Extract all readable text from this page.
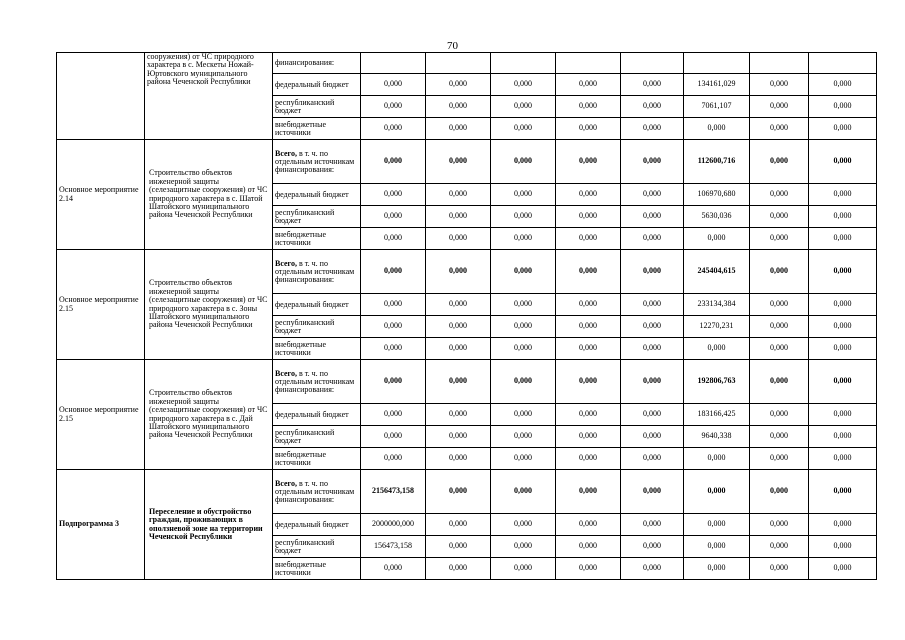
70
	сооружения) от ЧС природного характера в с. Мескеты Ножай-Юртовского муниципального района Чеченской Республики	финансирования:								
		федеральный бюджет	0,000	0,000	0,000	0,000	0,000	134161,029	0,000	0,000
		республиканский бюджет	0,000	0,000	0,000	0,000	0,000	7061,107	0,000	0,000
		внебюджетные источники	0,000	0,000	0,000	0,000	0,000	0,000	0,000	0,000
Основное мероприятие 2.14	Строительство объектов инженерной защиты (селезащитные сооружения) от ЧС природного характера в с. Шатой Шатойского муниципального района Чеченской Республики	Всего, в т. ч. по отдельным источникам финансирования:	0,000	0,000	0,000	0,000	0,000	112600,716	0,000	0,000
		федеральный бюджет	0,000	0,000	0,000	0,000	0,000	106970,680	0,000	0,000
		республиканский бюджет	0,000	0,000	0,000	0,000	0,000	5630,036	0,000	0,000
		внебюджетные источники	0,000	0,000	0,000	0,000	0,000	0,000	0,000	0,000
Основное мероприятие 2.15	Строительство объектов инженерной защиты (селезащитные сооружения) от ЧС природного характера в с. Зоны Шатойского муниципального района Чеченской Республики	Всего, в т. ч. по отдельным источникам финансирования:	0,000	0,000	0,000	0,000	0,000	245404,615	0,000	0,000
		федеральный бюджет	0,000	0,000	0,000	0,000	0,000	233134,384	0,000	0,000
		республиканский бюджет	0,000	0,000	0,000	0,000	0,000	12270,231	0,000	0,000
		внебюджетные источники	0,000	0,000	0,000	0,000	0,000	0,000	0,000	0,000
Основное мероприятие 2.15	Строительство объектов инженерной защиты (селезащитные сооружения) от ЧС природного характера в с. Дай Шатойского муниципального района Чеченской Республики	Всего, в т. ч. по отдельным источникам финансирования:	0,000	0,000	0,000	0,000	0,000	192806,763	0,000	0,000
		федеральный бюджет	0,000	0,000	0,000	0,000	0,000	183166,425	0,000	0,000
		республиканский бюджет	0,000	0,000	0,000	0,000	0,000	9640,338	0,000	0,000
		внебюджетные источники	0,000	0,000	0,000	0,000	0,000	0,000	0,000	0,000
Подпрограмма 3	Переселение и обустройство граждан, проживающих в оползневой зоне на территории Чеченской Республики	Всего, в т. ч. по отдельным источникам финансирования:	2156473,158	0,000	0,000	0,000	0,000	0,000	0,000	0,000
		федеральный бюджет	2000000,000	0,000	0,000	0,000	0,000	0,000	0,000	0,000
		республиканский бюджет	156473,158	0,000	0,000	0,000	0,000	0,000	0,000	0,000
		внебюджетные источники	0,000	0,000	0,000	0,000	0,000	0,000	0,000	0,000
